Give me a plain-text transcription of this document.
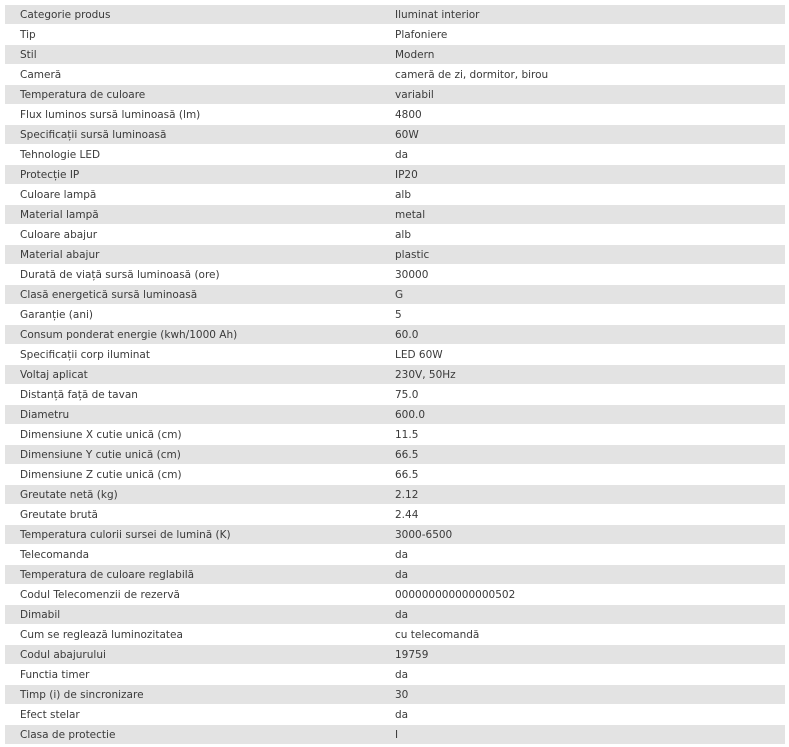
Categorie produs	Iluminat interior
Tip	Plafoniere
Stil	Modern
Cameră	cameră de zi, dormitor, birou
Temperatura de culoare	variabil
Flux luminos sursă luminoasă (lm)	4800
Specificații sursă luminoasă	60W
Tehnologie LED	da
Protecție IP	IP20
Culoare lampă	alb
Material lampă	metal
Culoare abajur	alb
Material abajur	plastic
Durată de viață sursă luminoasă (ore)	30000
Clasă energetică sursă luminoasă	G
Garanție (ani)	5
Consum ponderat energie (kwh/1000 Ah)	60.0
Specificații corp iluminat	LED 60W
Voltaj aplicat	230V, 50Hz
Distanță față de tavan	75.0
Diametru	600.0
Dimensiune X cutie unică (cm)	11.5
Dimensiune Y cutie unică (cm)	66.5
Dimensiune Z cutie unică (cm)	66.5
Greutate netă (kg)	2.12
Greutate brută	2.44
Temperatura culorii sursei de lumină (K)	3000-6500
Telecomanda	da
Temperatura de culoare reglabilă	da
Codul Telecomenzii de rezervă	000000000000000502
Dimabil	da
Cum se reglează luminozitatea	cu telecomandă
Codul abajurului	19759
Functia timer	da
Timp (i) de sincronizare	30
Efect stelar	da
Clasa de protectie	I
